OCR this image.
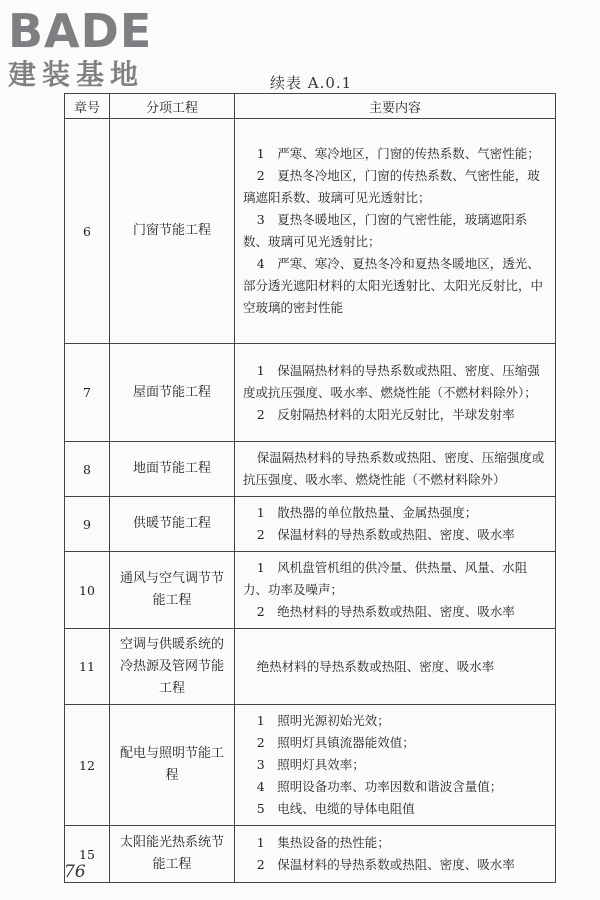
BADE
建装基地	续表 A.0.1
章号	分项工程	主要内容
6	门窗节能工程	1　严寒、寒冷地区，门窗的传热系数、气密性能；

2　夏热冬冷地区，门窗的传热系数、气密性能，玻璃遮阳系数、玻璃可见光透射比；

3　夏热冬暖地区，门窗的气密性能，玻璃遮阳系数、玻璃可见光透射比；

4　严寒、寒冷、夏热冬冷和夏热冬暖地区，透光、部分透光遮阳材料的太阳光透射比、太阳光反射比，中空玻璃的密封性能

7	屋面节能工程	1　保温隔热材料的导热系数或热阻、密度、压缩强度或抗压强度、吸水率、燃烧性能（不燃材料除外）；

2　反射隔热材料的太阳光反射比，半球发射率

8	地面节能工程	保温隔热材料的导热系数或热阻、密度、压缩强度或抗压强度、吸水率、燃烧性能（不燃材料除外）

9	供暖节能工程	1　散热器的单位散热量、金属热强度；

2　保温材料的导热系数或热阻、密度、吸水率

10	通风与空气调节节能工程	1　风机盘管机组的供冷量、供热量、风量、水阻力、功率及噪声；

2　绝热材料的导热系数或热阻、密度、吸水率

11	空调与供暖系统的冷热源及管网节能工程	绝热材料的导热系数或热阻、密度、吸水率

12	配电与照明节能工程	1　照明光源初始光效；

2　照明灯具镇流器能效值；

3　照明灯具效率；

4　照明设备功率、功率因数和谐波含量值；

5　电线、电缆的导体电阻值

15	太阳能光热系统节能工程	1　集热设备的热性能；

2　保温材料的导热系数或热阻、密度、吸水率

76
